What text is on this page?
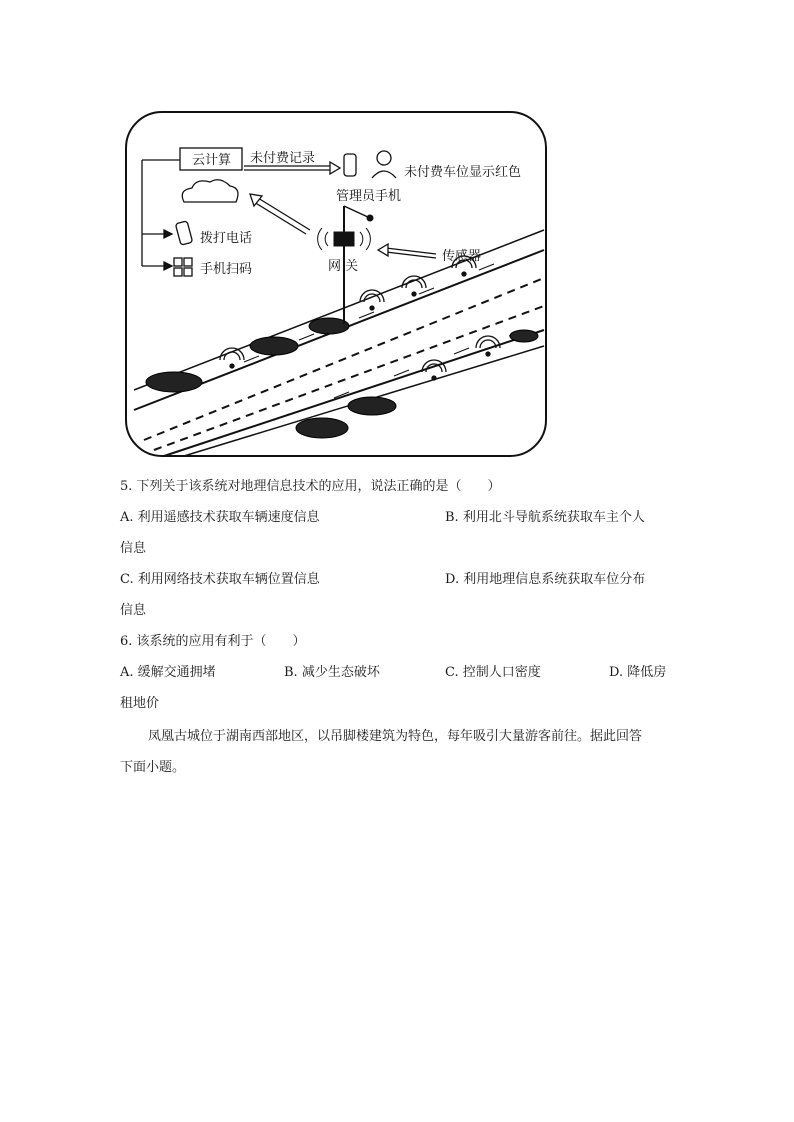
云计算 未付费记录
管理员手机
未付费车位显示红色
拨打电话
手机扫码	网 关
传感器
5. 下列关于该系统对地理信息技术的应用，说法正确的是（　　）
A. 利用遥感技术获取车辆速度信息	B. 利用北斗导航系统获取车主个人
信息
C. 利用网络技术获取车辆位置信息	D. 利用地理信息系统获取车位分布
信息
6. 该系统的应用有利于（　　）
A. 缓解交通拥堵	B. 减少生态破坏	C. 控制人口密度	D. 降低房
租地价
凤凰古城位于湖南西部地区，以吊脚楼建筑为特色，每年吸引大量游客前往。据此回答
下面小题。
